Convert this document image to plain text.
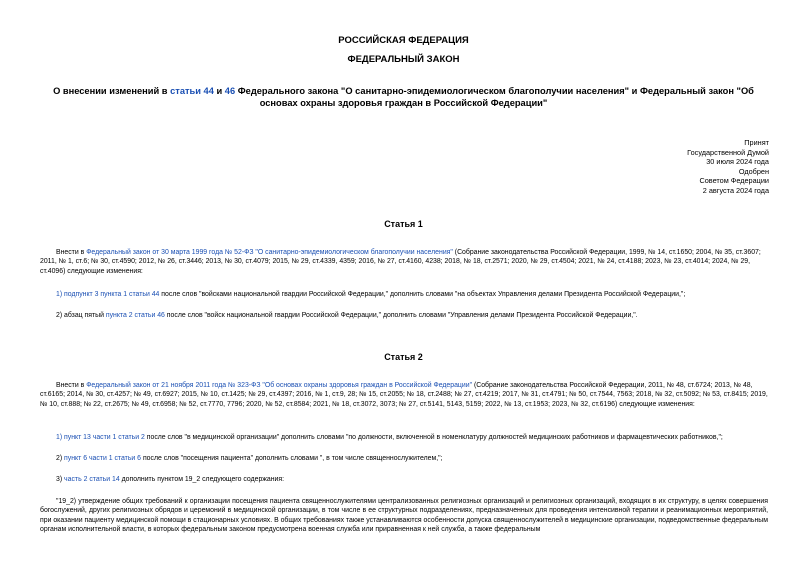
РОССИЙСКАЯ ФЕДЕРАЦИЯ
ФЕДЕРАЛЬНЫЙ ЗАКОН
О внесении изменений в статьи 44 и 46 Федерального закона "О санитарно-эпидемиологическом благополучии населения" и Федеральный закон "Об основах охраны здоровья граждан в Российской Федерации"
Принят
Государственной Думой
30 июля 2024 года
Одобрен
Советом Федерации
2 августа 2024 года
Статья 1

Внести в Федеральный закон от 30 марта 1999 года № 52-ФЗ "О санитарно-эпидемиологическом благополучии населения" (Собрание законодательства Российской Федерации, 1999, № 14, ст.1650; 2004, № 35, ст.3607; 2011, № 1, ст.6; № 30, ст.4590; 2012, № 26, ст.3446; 2013, № 30, ст.4079; 2015, № 29, ст.4339, 4359; 2016, № 27, ст.4160, 4238; 2018, № 18, ст.2571; 2020, № 29, ст.4504; 2021, № 24, ст.4188; 2023, № 23, ст.4014; 2024, № 29, ст.4096) следующие изменения:

1) подпункт 3 пункта 1 статьи 44 после слов "войсками национальной гвардии Российской Федерации," дополнить словами "на объектах Управления делами Президента Российской Федерации,";

2) абзац пятый пункта 2 статьи 46 после слов "войск национальной гвардии Российской Федерации," дополнить словами "Управления делами Президента Российской Федерации,".

Статья 2

Внести в Федеральный закон от 21 ноября 2011 года № 323-ФЗ "Об основах охраны здоровья граждан в Российской Федерации" (Собрание законодательства Российской Федерации, 2011, № 48, ст.6724; 2013, № 48, ст.6165; 2014, № 30, ст.4257; № 49, ст.6927; 2015, № 10, ст.1425; № 29, ст.4397; 2016, № 1, ст.9, 28; № 15, ст.2055; № 18, ст.2488; № 27, ст.4219; 2017, № 31, ст.4791; № 50, ст.7544, 7563; 2018, № 32, ст.5092; № 53, ст.8415; 2019, № 10, ст.888; № 22, ст.2675; № 49, ст.6958; № 52, ст.7770, 7796; 2020, № 52, ст.8584; 2021, № 18, ст.3072, 3073; № 27, ст.5141, 5143, 5159; 2022, № 13, ст.1953; 2023, № 32, ст.6196) следующие изменения:

1) пункт 13 части 1 статьи 2 после слов "в медицинской организации" дополнить словами "по должности, включенной в номенклатуру должностей медицинских работников и фармацевтических работников,";

2) пункт 6 части 1 статьи 6 после слов "посещения пациента" дополнить словами ", в том числе священнослужителем,";

3) часть 2 статьи 14 дополнить пунктом 19_2 следующего содержания:

"19_2) утверждение общих требований к организации посещения пациента священнослужителями централизованных религиозных организаций и религиозных организаций, входящих в их структуру, в целях совершения богослужений, других религиозных обрядов и церемоний в медицинской организации, в том числе в ее структурных подразделениях, предназначенных для проведения интенсивной терапии и реанимационных мероприятий, при оказании пациенту медицинской помощи в стационарных условиях. В общих требованиях также устанавливаются особенности допуска священнослужителей в медицинские организации, подведомственные федеральным органам исполнительной власти, в которых федеральным законом предусмотрена военная служба или приравненная к ней служба, а также федеральным
